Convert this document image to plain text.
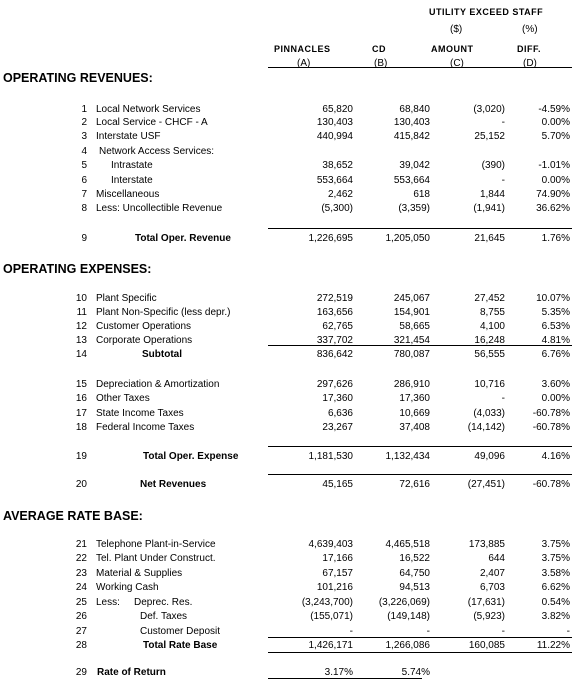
UTILITY EXCEED STAFF
($)	(%)
PINNACLES	CD	AMOUNT	DIFF.
(A)	(B)	(C)	(D)
OPERATING REVENUES:
OPERATING EXPENSES:
AVERAGE RATE BASE:
1 Local Network Services	65,820	68,840	(3,020)	-4.59%
2 Local Service - CHCF - A	130,403	130,403	-	0.00%
3 Interstate USF	440,994	415,842	25,152	5.70%
4 Network Access Services:
5 Intrastate	38,652	39,042	(390)	-1.01%
6 Interstate	553,664	553,664	-	0.00%
7 Miscellaneous	2,462	618	1,844	74.90%
8 Less: Uncollectible Revenue	(5,300)	(3,359)	(1,941)	36.62%
9	Total Oper. Revenue	1,226,695	1,205,050	21,645	1.76%
10 Plant Specific	272,519	245,067	27,452	10.07%
11 Plant Non-Specific (less depr.)	163,656	154,901	8,755	5.35%
12 Customer Operations	62,765	58,665	4,100	6.53%
13 Corporate Operations	337,702	321,454	16,248	4.81%
14	Subtotal	836,642	780,087	56,555	6.76%
15 Depreciation & Amortization	297,626	286,910	10,716	3.60%
16 Other Taxes	17,360	17,360	-	0.00%
17 State Income Taxes	6,636	10,669	(4,033)	-60.78%
18 Federal Income Taxes	23,267	37,408	(14,142)	-60.78%
19	Total Oper. Expense	1,181,530	1,132,434	49,096	4.16%
20	Net Revenues	45,165	72,616	(27,451)	-60.78%
21 Telephone Plant-in-Service	4,639,403	4,465,518	173,885	3.75%
22 Tel. Plant Under Construct.	17,166	16,522	644	3.75%
23 Material & Supplies	67,157	64,750	2,407	3.58%
24 Working Cash	101,216	94,513	6,703	6.62%
25 Less: Deprec. Res.	(3,243,700)	(3,226,069)	(17,631)	0.54%
26	Def. Taxes	(155,071)	(149,148)	(5,923)	3.82%
27	Customer Deposit	-	-	-	-
28	Total Rate Base	1,426,171	1,266,086	160,085	11.22%
29 Rate of Return	3.17%	5.74%
